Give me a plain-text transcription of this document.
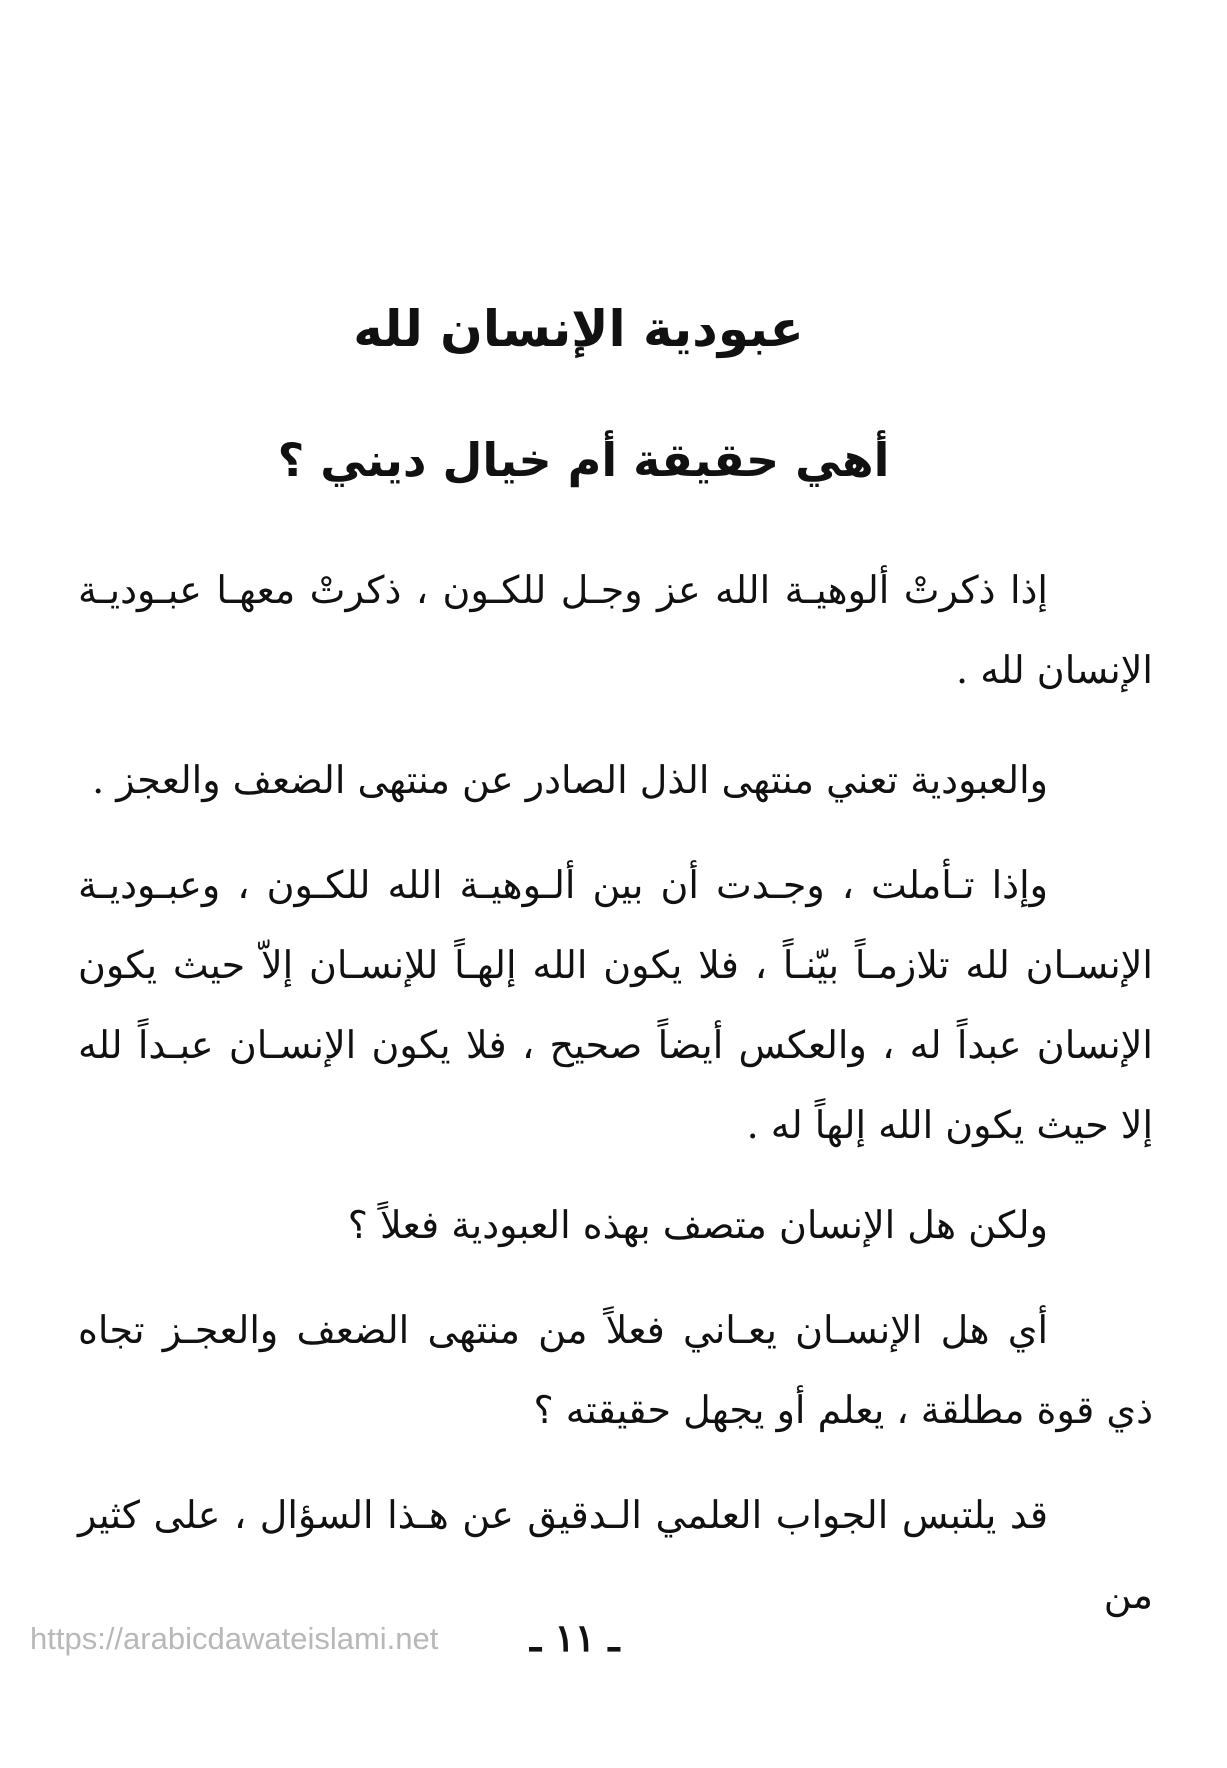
عبودية الإنسان لله
أهي حقيقة أم خيال ديني ؟

إذا ذكرتْ ألوهيـة الله عز وجـل للكـون ، ذكرتْ معهـا عبـوديـة الإنسان لله .

والعبودية تعني منتهى الذل الصادر عن منتهى الضعف والعجز .

وإذا تـأملت ، وجـدت أن بين ألـوهيـة الله للكـون ، وعبـوديـة الإنسـان لله تلازمـاً بيّنـاً ، فلا يكون الله إلهـاً للإنسـان إلاّ حيث يكون الإنسان عبداً له ، والعكس أيضاً صحيح ، فلا يكون الإنسـان عبـداً لله إلا حيث يكون الله إلهاً له .

ولكن هل الإنسان متصف بهذه العبودية فعلاً ؟

أي هل الإنسـان يعـاني فعلاً من منتهى الضعف والعجـز تجاه ذي قوة مطلقة ، يعلم أو يجهل حقيقته ؟

قد يلتبس الجواب العلمي الـدقيق عن هـذا السؤال ، على كثير من

https://arabicdawateislami.net ـ ١١ ـ
